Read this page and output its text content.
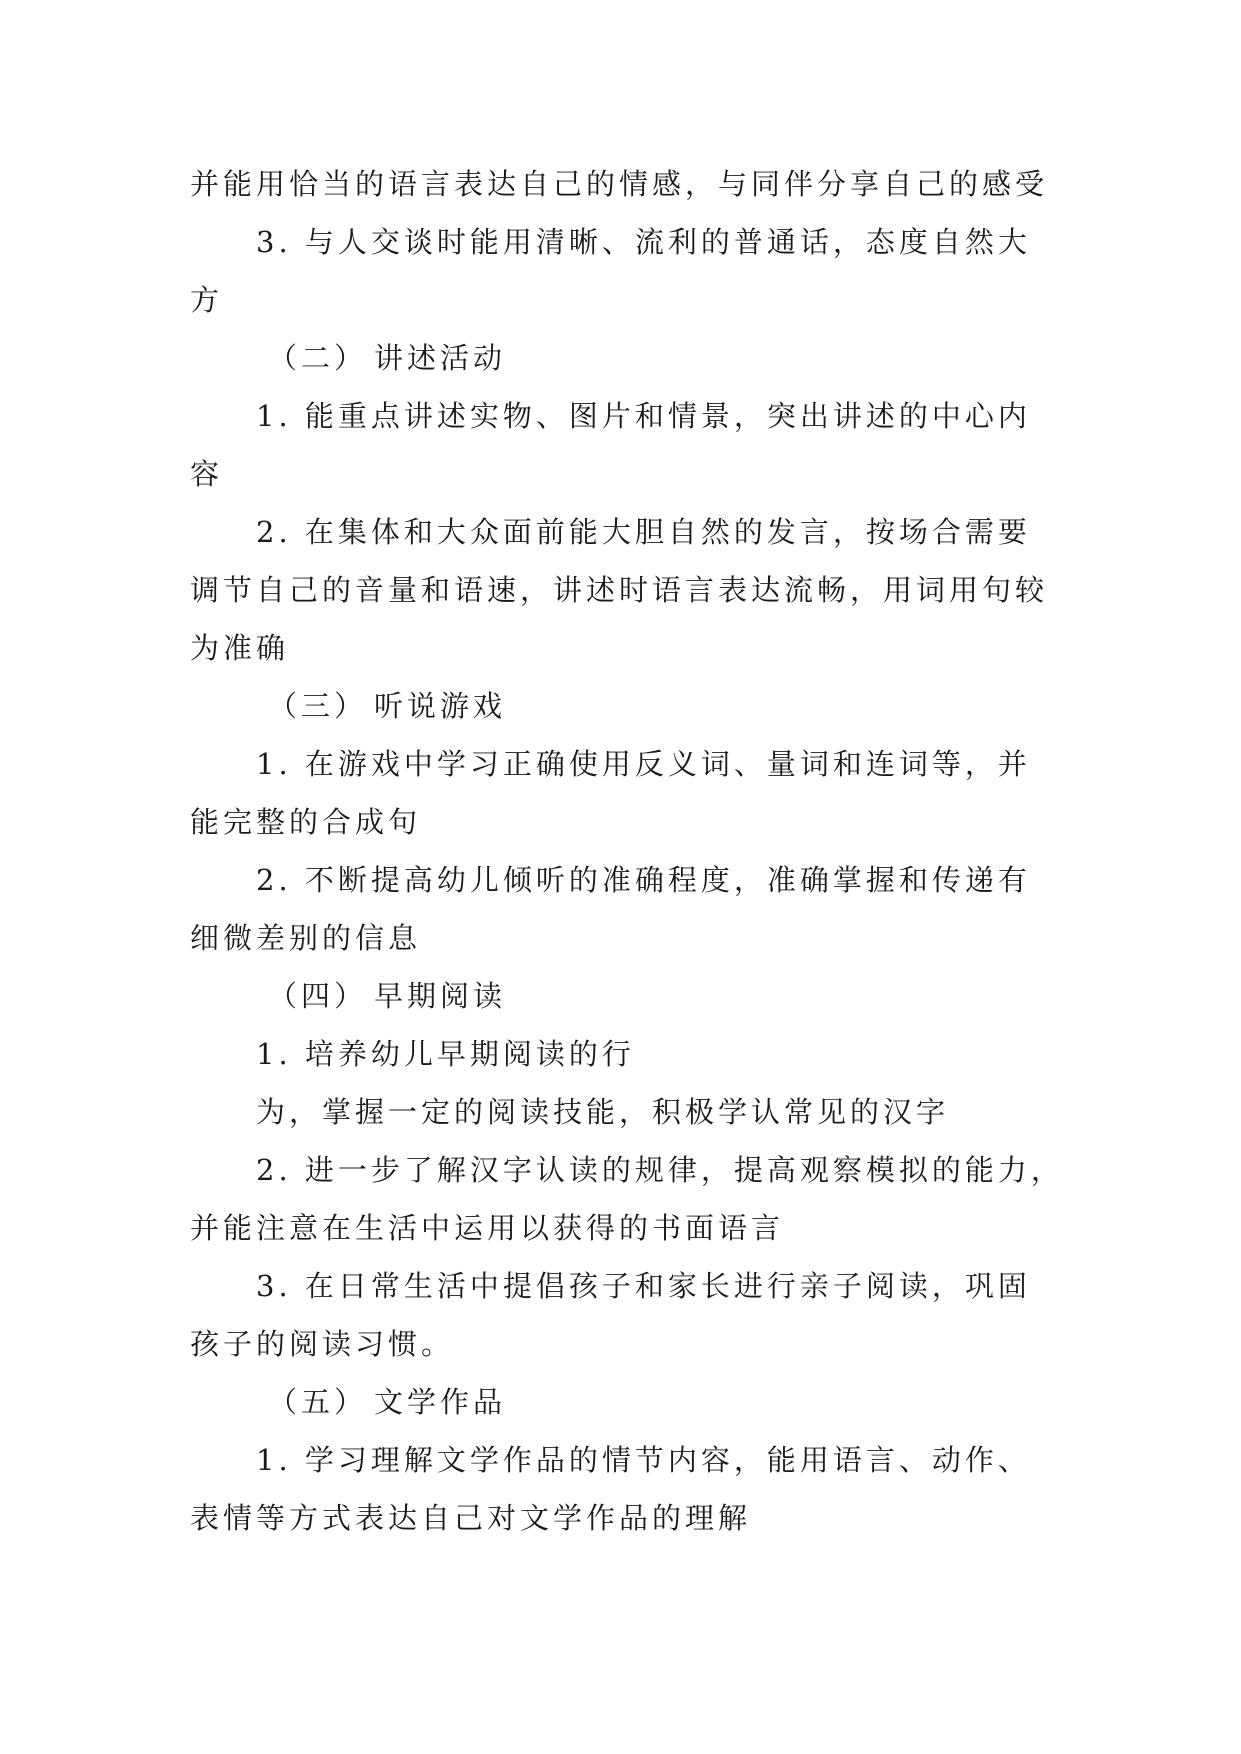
并能用恰当的语言表达自己的情感，与同伴分享自己的感受
3. 与人交谈时能用清晰、流利的普通话，态度自然大
方
（二） 讲述活动
1. 能重点讲述实物、图片和情景，突出讲述的中心内
容
2. 在集体和大众面前能大胆自然的发言，按场合需要
调节自己的音量和语速，讲述时语言表达流畅，用词用句较
为准确
（三） 听说游戏
1. 在游戏中学习正确使用反义词、量词和连词等，并
能完整的合成句
2. 不断提高幼儿倾听的准确程度，准确掌握和传递有
细微差别的信息
（四） 早期阅读
1. 培养幼儿早期阅读的行
为，掌握一定的阅读技能，积极学认常见的汉字
2. 进一步了解汉字认读的规律，提高观察模拟的能力，
并能注意在生活中运用以获得的书面语言
3. 在日常生活中提倡孩子和家长进行亲子阅读，巩固
孩子的阅读习惯。
（五） 文学作品
1. 学习理解文学作品的情节内容，能用语言、动作、
表情等方式表达自己对文学作品的理解
